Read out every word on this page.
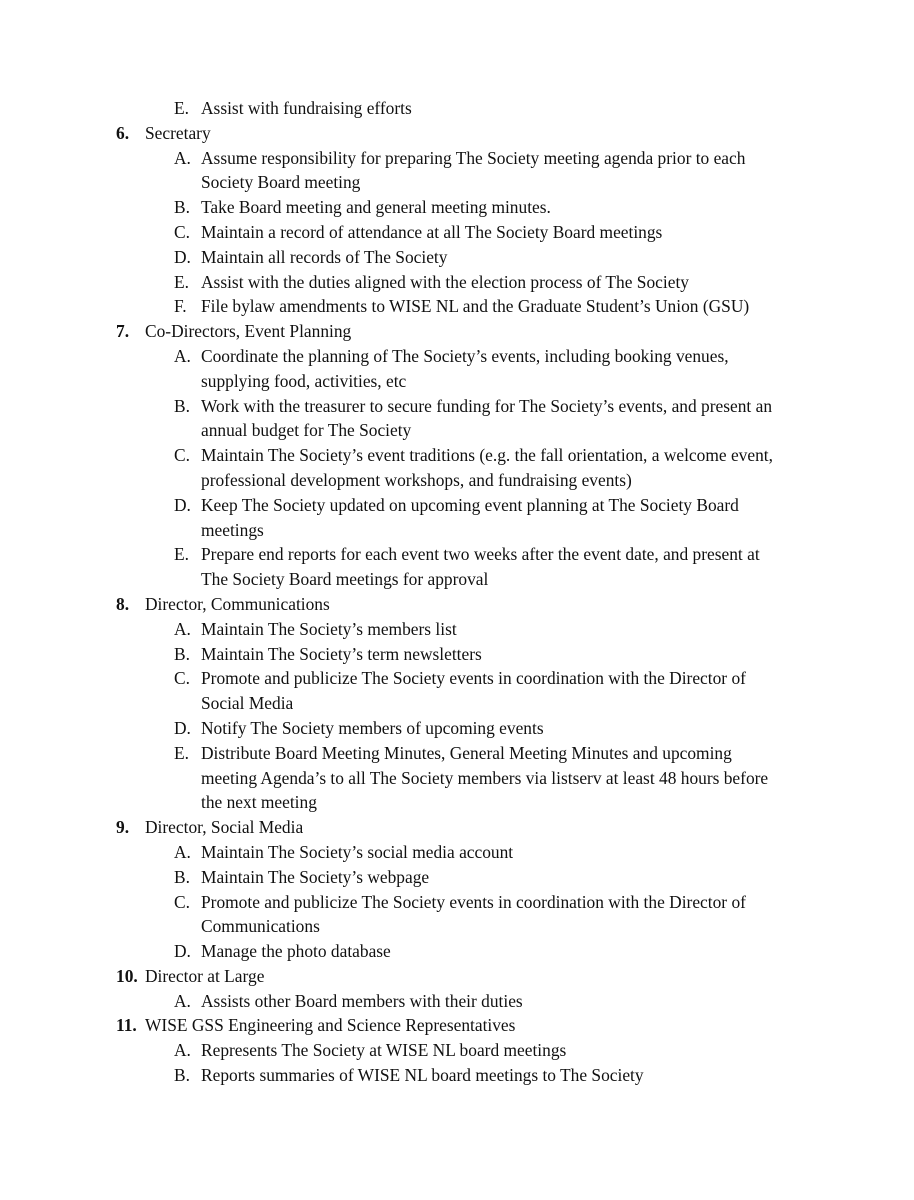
E. Assist with fundraising efforts
6. Secretary
A. Assume responsibility for preparing The Society meeting agenda prior to each
Society Board meeting
B. Take Board meeting and general meeting minutes.
C. Maintain a record of attendance at all The Society Board meetings
D. Maintain all records of The Society
E. Assist with the duties aligned with the election process of The Society
F. File bylaw amendments to WISE NL and the Graduate Student’s Union (GSU)
7. Co-Directors, Event Planning
A. Coordinate the planning of The Society’s events, including booking venues,
supplying food, activities, etc
B. Work with the treasurer to secure funding for The Society’s events, and present an
annual budget for The Society
C. Maintain The Society’s event traditions (e.g. the fall orientation, a welcome event,
professional development workshops, and fundraising events)
D. Keep The Society updated on upcoming event planning at The Society Board
meetings
E. Prepare end reports for each event two weeks after the event date, and present at
The Society Board meetings for approval
8. Director, Communications
A. Maintain The Society’s members list
B. Maintain The Society’s term newsletters
C. Promote and publicize The Society events in coordination with the Director of
Social Media
D. Notify The Society members of upcoming events
E. Distribute Board Meeting Minutes, General Meeting Minutes and upcoming
meeting Agenda’s to all The Society members via listserv at least 48 hours before
the next meeting
9. Director, Social Media
A. Maintain The Society’s social media account
B. Maintain The Society’s webpage
C. Promote and publicize The Society events in coordination with the Director of
Communications
D. Manage the photo database
10. Director at Large
A. Assists other Board members with their duties
11. WISE GSS Engineering and Science Representatives
A. Represents The Society at WISE NL board meetings
B. Reports summaries of WISE NL board meetings to The Society
